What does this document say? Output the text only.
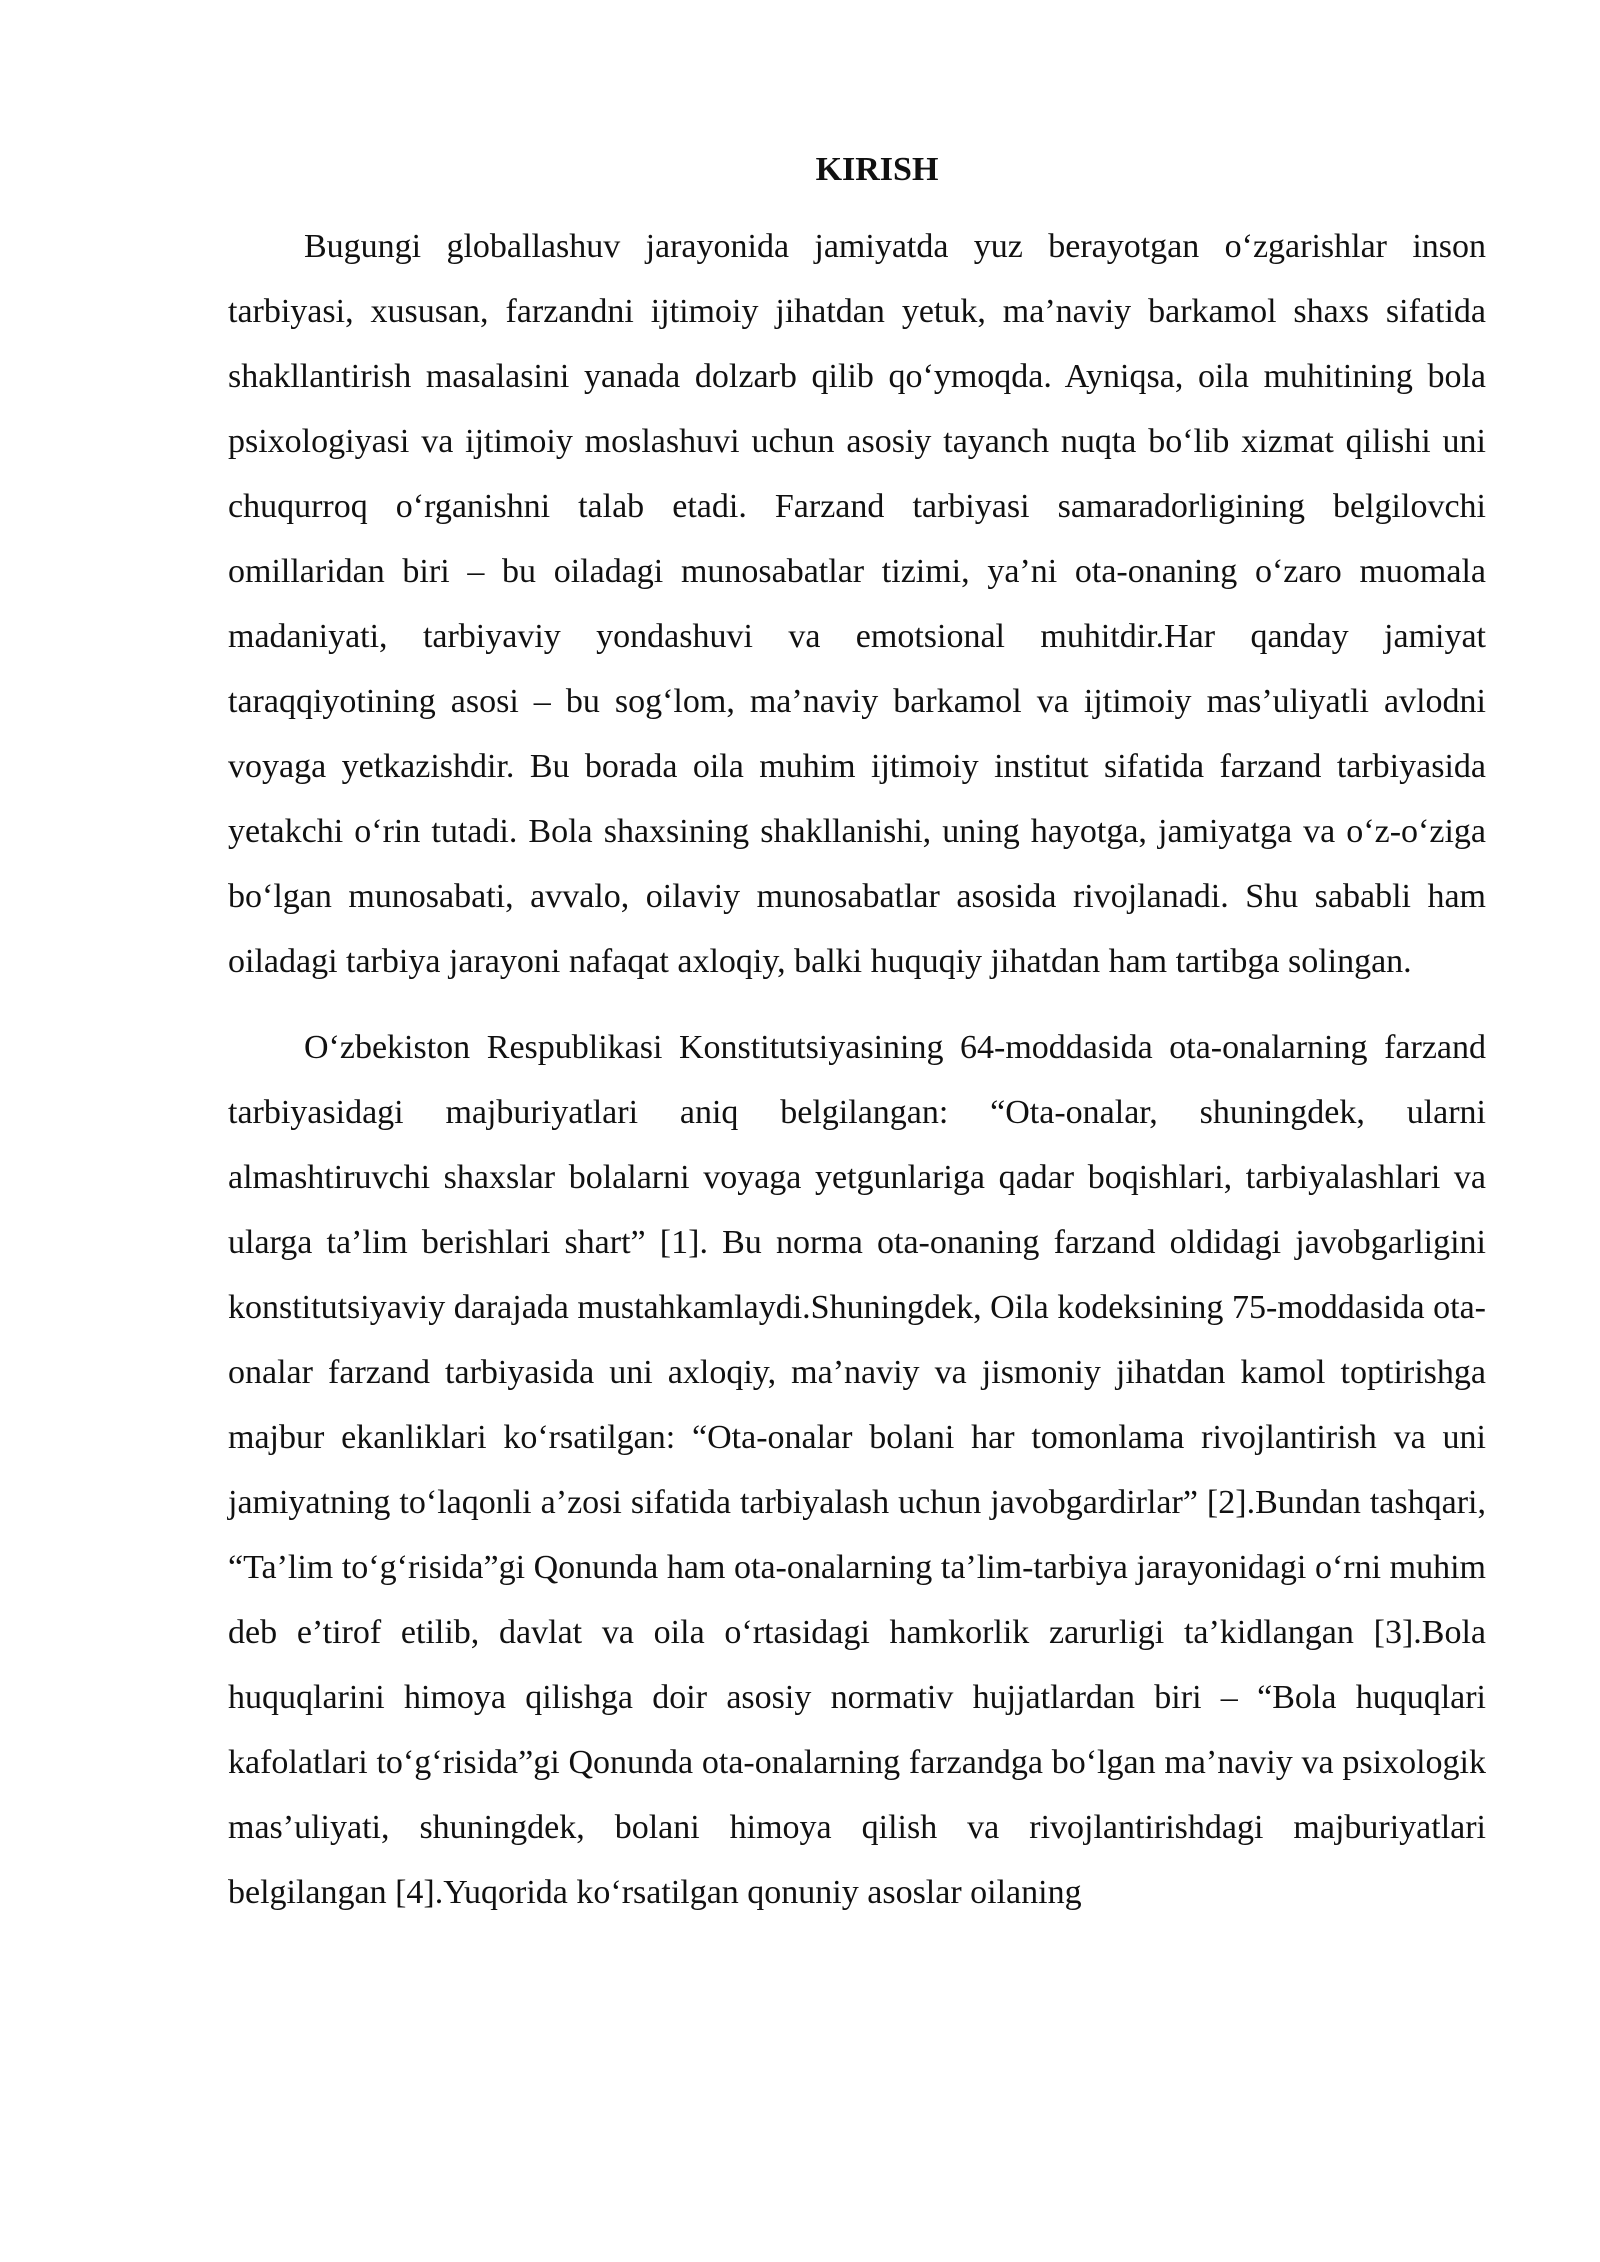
KIRISH

Bugungi globallashuv jarayonida jamiyatda yuz berayotgan o‘zgarishlar inson tarbiyasi, xususan, farzandni ijtimoiy jihatdan yetuk, ma’naviy barkamol shaxs sifatida shakllantirish masalasini yanada dolzarb qilib qo‘ymoqda. Ayniqsa, oila muhitining bola psixologiyasi va ijtimoiy moslashuvi uchun asosiy tayanch nuqta bo‘lib xizmat qilishi uni chuqurroq o‘rganishni talab etadi. Farzand tarbiyasi samaradorligining belgilovchi omillaridan biri – bu oiladagi munosabatlar tizimi, ya’ni ota-onaning o‘zaro muomala madaniyati, tarbiyaviy yondashuvi va emotsional muhitdir.Har qanday jamiyat taraqqiyotining asosi – bu sog‘lom, ma’naviy barkamol va ijtimoiy mas’uliyatli avlodni voyaga yetkazishdir. Bu borada oila muhim ijtimoiy institut sifatida farzand tarbiyasida yetakchi o‘rin tutadi. Bola shaxsining shakllanishi, uning hayotga, jamiyatga va o‘z-o‘ziga bo‘lgan munosabati, avvalo, oilaviy munosabatlar asosida rivojlanadi. Shu sababli ham oiladagi tarbiya jarayoni nafaqat axloqiy, balki huquqiy jihatdan ham tartibga solingan.

O‘zbekiston Respublikasi Konstitutsiyasining 64-moddasida ota-onalarning farzand tarbiyasidagi majburiyatlari aniq belgilangan: “Ota-onalar, shuningdek, ularni almashtiruvchi shaxslar bolalarni voyaga yetgunlariga qadar boqishlari, tarbiyalashlari va ularga ta’lim berishlari shart” [1]. Bu norma ota-onaning farzand oldidagi javobgarligini konstitutsiyaviy darajada mustahkamlaydi.Shuningdek, Oila kodeksining 75-moddasida ota-onalar farzand tarbiyasida uni axloqiy, ma’naviy va jismoniy jihatdan kamol toptirishga majbur ekanliklari ko‘rsatilgan: “Ota-onalar bolani har tomonlama rivojlantirish va uni jamiyatning to‘laqonli a’zosi sifatida tarbiyalash uchun javobgardirlar” [2].Bundan tashqari, “Ta’lim to‘g‘risida”gi Qonunda ham ota-onalarning ta’lim-tarbiya jarayonidagi o‘rni muhim deb e’tirof etilib, davlat va oila o‘rtasidagi hamkorlik zarurligi ta’kidlangan [3].Bola huquqlarini himoya qilishga doir asosiy normativ hujjatlardan biri – “Bola huquqlari kafolatlari to‘g‘risida”gi Qonunda ota-onalarning farzandga bo‘lgan ma’naviy va psixologik mas’uliyati, shuningdek, bolani himoya qilish va rivojlantirishdagi majburiyatlari belgilangan [4].Yuqorida ko‘rsatilgan qonuniy asoslar oilaning
